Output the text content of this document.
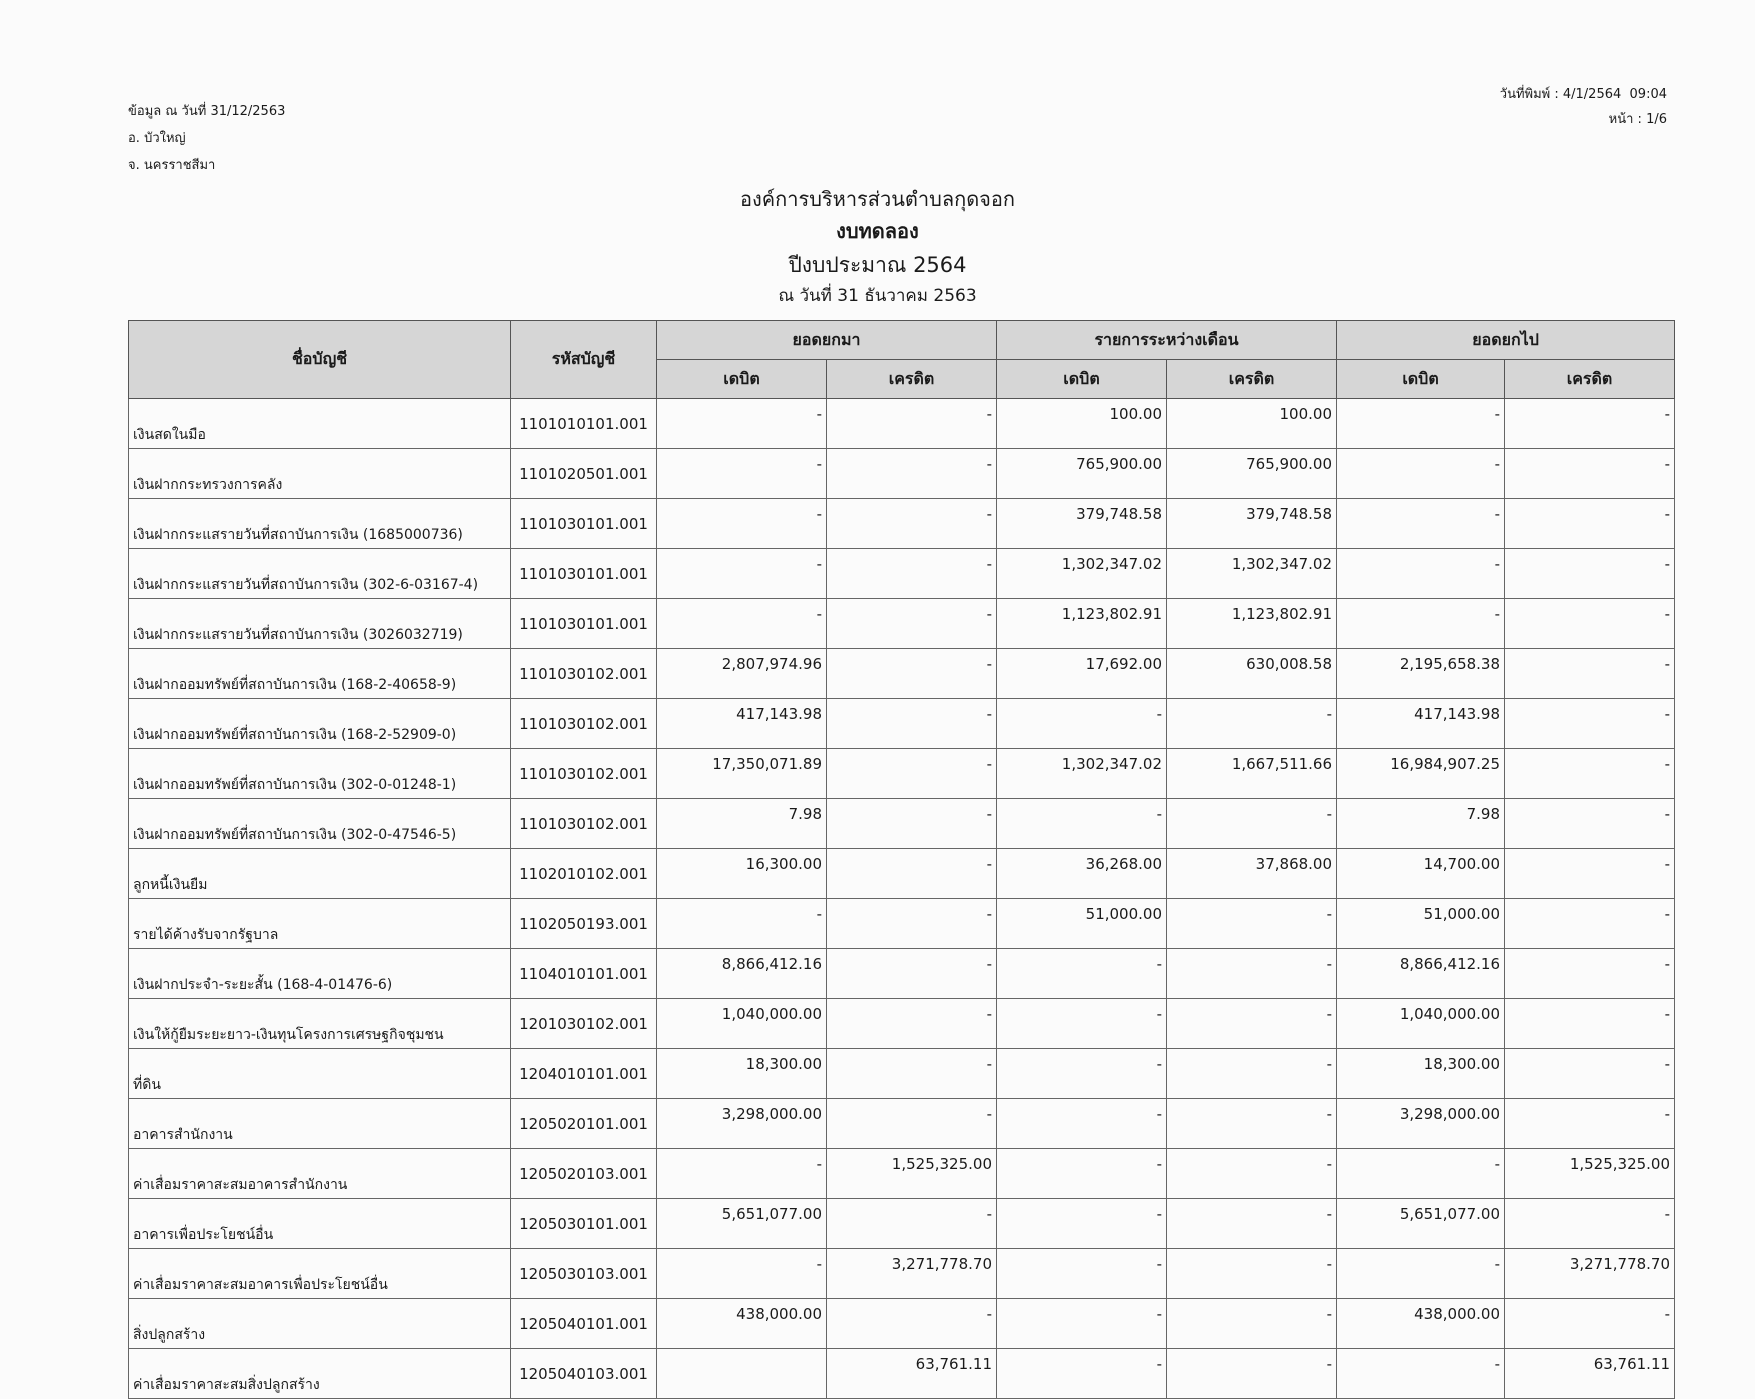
ข้อมูล ณ วันที่ 31/12/2563
อ. บัวใหญ่
จ. นครราชสีมา
วันที่พิมพ์ : 4/1/2564  09:04
หน้า : 1/6
องค์การบริหารส่วนตำบลกุดจอก
งบทดลอง
ปีงบประมาณ 2564
ณ วันที่ 31 ธันวาคม 2563
ชื่อบัญชี	รหัสบัญชี	ยอดยกมา		รายการระหว่างเดือน		ยอดยกไป	
		เดบิต	เครดิต	เดบิต	เครดิต	เดบิต	เครดิต
เงินสดในมือ	1101010101.001	-	-	100.00	100.00	-	-
เงินฝากกระทรวงการคลัง	1101020501.001	-	-	765,900.00	765,900.00	-	-
เงินฝากกระแสรายวันที่สถาบันการเงิน (1685000736)	1101030101.001	-	-	379,748.58	379,748.58	-	-
เงินฝากกระแสรายวันที่สถาบันการเงิน (302-6-03167-4)	1101030101.001	-	-	1,302,347.02	1,302,347.02	-	-
เงินฝากกระแสรายวันที่สถาบันการเงิน (3026032719)	1101030101.001	-	-	1,123,802.91	1,123,802.91	-	-
เงินฝากออมทรัพย์ที่สถาบันการเงิน (168-2-40658-9)	1101030102.001	2,807,974.96	-	17,692.00	630,008.58	2,195,658.38	-
เงินฝากออมทรัพย์ที่สถาบันการเงิน (168-2-52909-0)	1101030102.001	417,143.98	-	-	-	417,143.98	-
เงินฝากออมทรัพย์ที่สถาบันการเงิน (302-0-01248-1)	1101030102.001	17,350,071.89	-	1,302,347.02	1,667,511.66	16,984,907.25	-
เงินฝากออมทรัพย์ที่สถาบันการเงิน (302-0-47546-5)	1101030102.001	7.98	-	-	-	7.98	-
ลูกหนี้เงินยืม	1102010102.001	16,300.00	-	36,268.00	37,868.00	14,700.00	-
รายได้ค้างรับจากรัฐบาล	1102050193.001	-	-	51,000.00	-	51,000.00	-
เงินฝากประจำ-ระยะสั้น (168-4-01476-6)	1104010101.001	8,866,412.16	-	-	-	8,866,412.16	-
เงินให้กู้ยืมระยะยาว-เงินทุนโครงการเศรษฐกิจชุมชน	1201030102.001	1,040,000.00	-	-	-	1,040,000.00	-
ที่ดิน	1204010101.001	18,300.00	-	-	-	18,300.00	-
อาคารสำนักงาน	1205020101.001	3,298,000.00	-	-	-	3,298,000.00	-
ค่าเสื่อมราคาสะสมอาคารสำนักงาน	1205020103.001	-	1,525,325.00	-	-	-	1,525,325.00
อาคารเพื่อประโยชน์อื่น	1205030101.001	5,651,077.00	-	-	-	5,651,077.00	-
ค่าเสื่อมราคาสะสมอาคารเพื่อประโยชน์อื่น	1205030103.001	-	3,271,778.70	-	-	-	3,271,778.70
สิ่งปลูกสร้าง	1205040101.001	438,000.00	-	-	-	438,000.00	-
ค่าเสื่อมราคาสะสมสิ่งปลูกสร้าง	1205040103.001		63,761.11	-	-	-	63,761.11
